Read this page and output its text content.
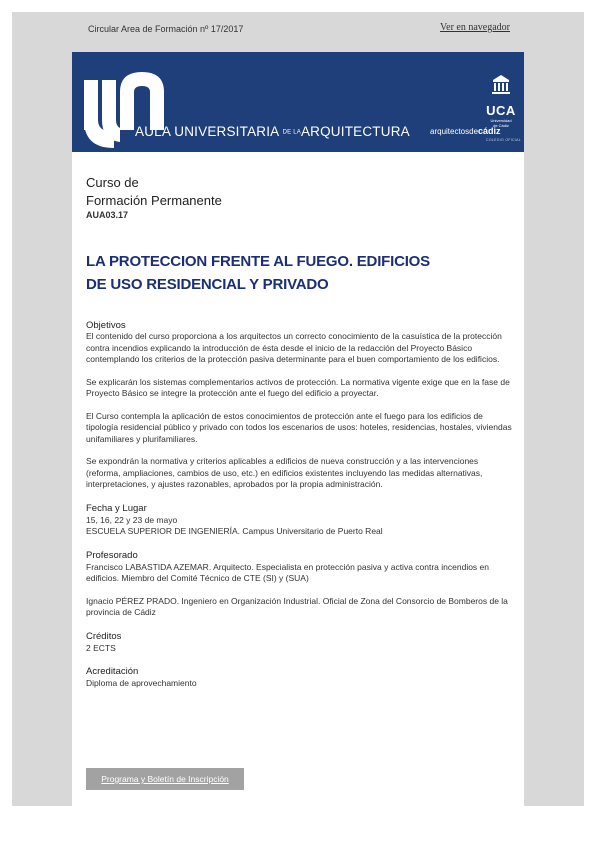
Circular Area de Formación nº 17/2017	Ver en navegador
AULA UNIVERSITARIA DE LAARQUITECTURA
UCA
Universidad
de Cádiz
arquitectosdecádiz
COLEGIO OFICIAL
Curso de
Formación Permanente
AUA03.17
LA PROTECCION FRENTE AL FUEGO. EDIFICIOS
DE USO RESIDENCIAL Y PRIVADO
Objetivos

El contenido del curso proporciona a los arquitectos un correcto conocimiento de la casuística de la protección contra incendios explicando la introducción de ésta desde el inicio de la redacción del Proyecto Básico contemplando los criterios de la protección pasiva determinante para el buen comportamiento de los edificios.

Se explicarán los sistemas complementarios activos de protección. La normativa vigente exige que en la fase de Proyecto Básico se integre la protección ante el fuego del edificio a proyectar.

El Curso contempla la aplicación de estos conocimientos de protección ante el fuego para los edificios de tipología residencial público y privado con todos los escenarios de usos: hoteles, residencias, hostales, viviendas unifamiliares y plurifamiliares.

Se expondrán la normativa y criterios aplicables a edificios de nueva construcción y a las intervenciones (reforma, ampliaciones, cambios de uso, etc.) en edificios existentes incluyendo las medidas alternativas, interpretaciones, y ajustes razonables, aprobados por la propia administración.

Fecha y Lugar
15, 16, 22 y 23 de mayo
ESCUELA SUPERIOR DE INGENIERÍA. Campus Universitario de Puerto Real
Profesorado
Francisco LABASTIDA AZEMAR. Arquitecto. Especialista en protección pasiva y activa contra incendios en edificios. Miembro del Comité Técnico de CTE (SI) y (SUA)
Ignacio PÉREZ PRADO. Ingeniero en Organización Industrial. Oficial de Zona del Consorcio de Bomberos de la provincia de Cádiz
Créditos
2 ECTS
Acreditación
Diploma de aprovechamiento
Programa y Boletín de Inscripción
